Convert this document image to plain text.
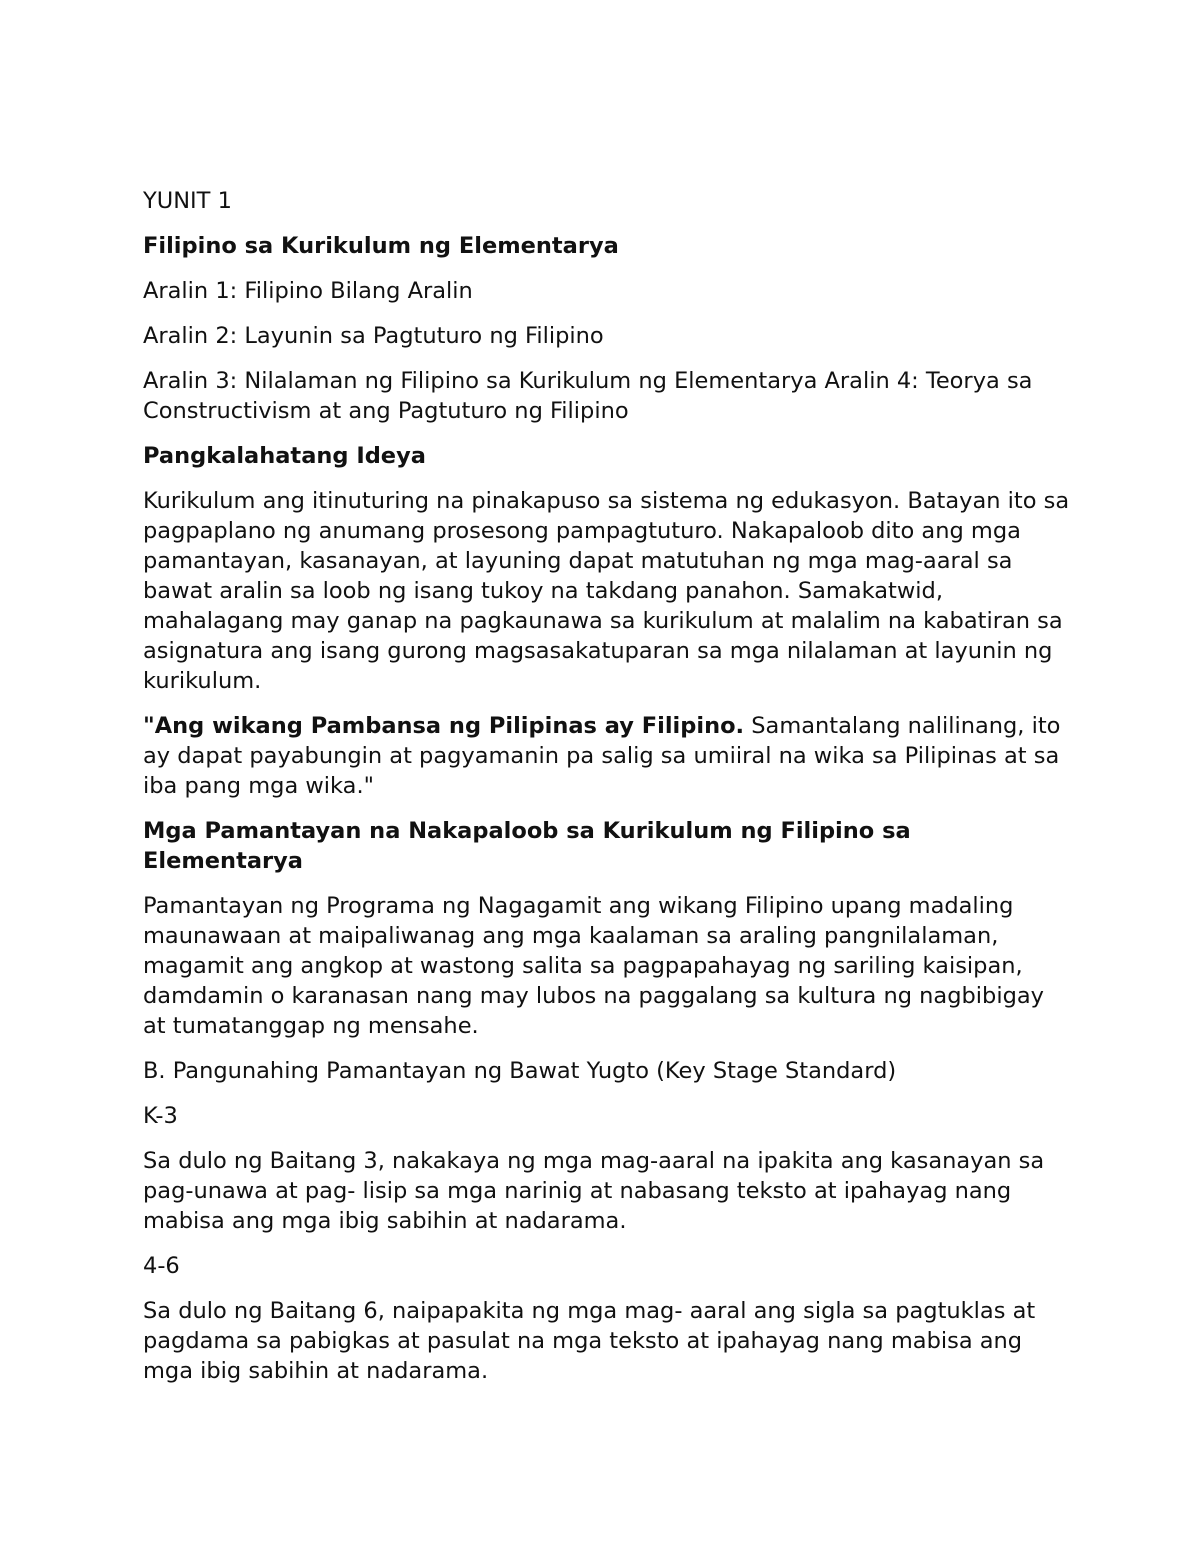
YUNIT 1

Filipino sa Kurikulum ng Elementarya

Aralin 1: Filipino Bilang Aralin

Aralin 2: Layunin sa Pagtuturo ng Filipino

Aralin 3: Nilalaman ng Filipino sa Kurikulum ng Elementarya Aralin 4: Teorya sa Constructivism at ang Pagtuturo ng Filipino

Pangkalahatang Ideya

Kurikulum ang itinuturing na pinakapuso sa sistema ng edukasyon. Batayan ito sa pagpaplano ng anumang prosesong pampagtuturo. Nakapaloob dito ang mga pamantayan, kasanayan, at layuning dapat matutuhan ng mga mag-aaral sa bawat aralin sa loob ng isang tukoy na takdang panahon. Samakatwid, mahalagang may ganap na pagkaunawa sa kurikulum at malalim na kabatiran sa asignatura ang isang gurong magsasakatuparan sa mga nilalaman at layunin ng kurikulum.

"Ang wikang Pambansa ng Pilipinas ay Filipino. Samantalang nalilinang, ito ay dapat payabungin at pagyamanin pa salig sa umiiral na wika sa Pilipinas at sa iba pang mga wika."

Mga Pamantayan na Nakapaloob sa Kurikulum ng Filipino sa Elementarya

Pamantayan ng Programa ng Nagagamit ang wikang Filipino upang madaling maunawaan at maipaliwanag ang mga kaalaman sa araling pangnilalaman, magamit ang angkop at wastong salita sa pagpapahayag ng sariling kaisipan, damdamin o karanasan nang may lubos na paggalang sa kultura ng nagbibigay at tumatanggap ng mensahe.

B. Pangunahing Pamantayan ng Bawat Yugto (Key Stage Standard)

K-3

Sa dulo ng Baitang 3, nakakaya ng mga mag-aaral na ipakita ang kasanayan sa pag-unawa at pag- lisip sa mga narinig at nabasang teksto at ipahayag nang mabisa ang mga ibig sabihin at nadarama.

4-6

Sa dulo ng Baitang 6, naipapakita ng mga mag- aaral ang sigla sa pagtuklas at pagdama sa pabigkas at pasulat na mga teksto at ipahayag nang mabisa ang mga ibig sabihin at nadarama.
